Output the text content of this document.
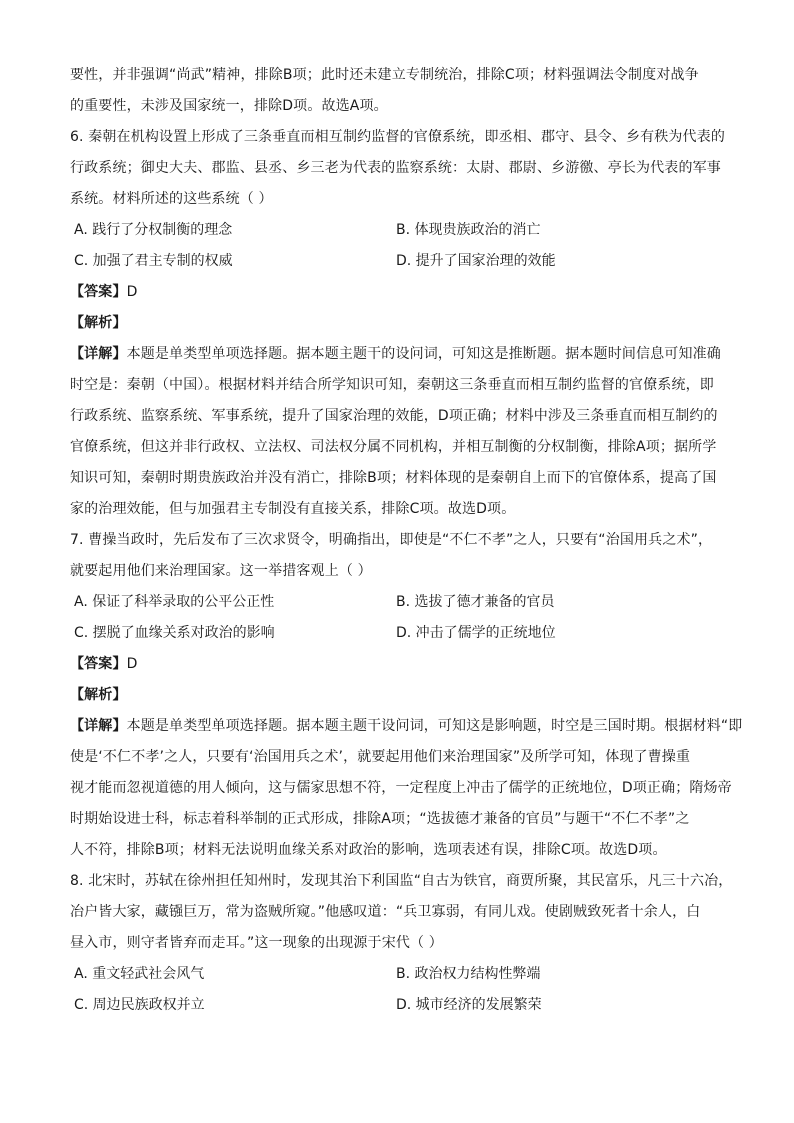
要性，并非强调“尚武”精神，排除B项；此时还未建立专制统治，排除C项；材料强调法令制度对战争
的重要性，未涉及国家统一，排除D项。故选A项。
6. 秦朝在机构设置上形成了三条垂直而相互制约监督的官僚系统，即丞相、郡守、县令、乡有秩为代表的
行政系统；御史大夫、郡监、县丞、乡三老为代表的监察系统：太尉、郡尉、乡游徼、亭长为代表的军事
系统。材料所述的这些系统（ ）
A. 践行了分权制衡的理念	B. 体现贵族政治的消亡
C. 加强了君主专制的权威	D. 提升了国家治理的效能
【答案】D
【解析】
【详解】本题是单类型单项选择题。据本题主题干的设问词，可知这是推断题。据本题时间信息可知准确
时空是：秦朝（中国）。根据材料并结合所学知识可知，秦朝这三条垂直而相互制约监督的官僚系统，即
行政系统、监察系统、军事系统，提升了国家治理的效能，D项正确；材料中涉及三条垂直而相互制约的
官僚系统，但这并非行政权、立法权、司法权分属不同机构，并相互制衡的分权制衡，排除A项；据所学
知识可知，秦朝时期贵族政治并没有消亡，排除B项；材料体现的是秦朝自上而下的官僚体系，提高了国
家的治理效能，但与加强君主专制没有直接关系，排除C项。故选D项。
7. 曹操当政时，先后发布了三次求贤令，明确指出，即使是“不仁不孝”之人，只要有“治国用兵之术”，
就要起用他们来治理国家。这一举措客观上（ ）
A. 保证了科举录取的公平公正性	B. 选拔了德才兼备的官员
C. 摆脱了血缘关系对政治的影响	D. 冲击了儒学的正统地位
【答案】D
【解析】
【详解】本题是单类型单项选择题。据本题主题干设问词，可知这是影响题，时空是三国时期。根据材料“即
使是‘不仁不孝’之人，只要有‘治国用兵之术’，就要起用他们来治理国家”及所学可知，体现了曹操重
视才能而忽视道德的用人倾向，这与儒家思想不符，一定程度上冲击了儒学的正统地位，D项正确；隋炀帝
时期始设进士科，标志着科举制的正式形成，排除A项；“选拔德才兼备的官员”与题干“不仁不孝”之
人不符，排除B项；材料无法说明血缘关系对政治的影响，选项表述有误，排除C项。故选D项。
8. 北宋时，苏轼在徐州担任知州时，发现其治下利国监“自古为铁官，商贾所聚，其民富乐，凡三十六冶，
冶户皆大家，藏镪巨万，常为盗贼所窥。”他感叹道：“兵卫寡弱，有同儿戏。使剧贼致死者十余人，白
昼入市，则守者皆弃而走耳。”这一现象的出现源于宋代（ ）
A. 重文轻武社会风气	B. 政治权力结构性弊端
C. 周边民族政权并立	D. 城市经济的发展繁荣
